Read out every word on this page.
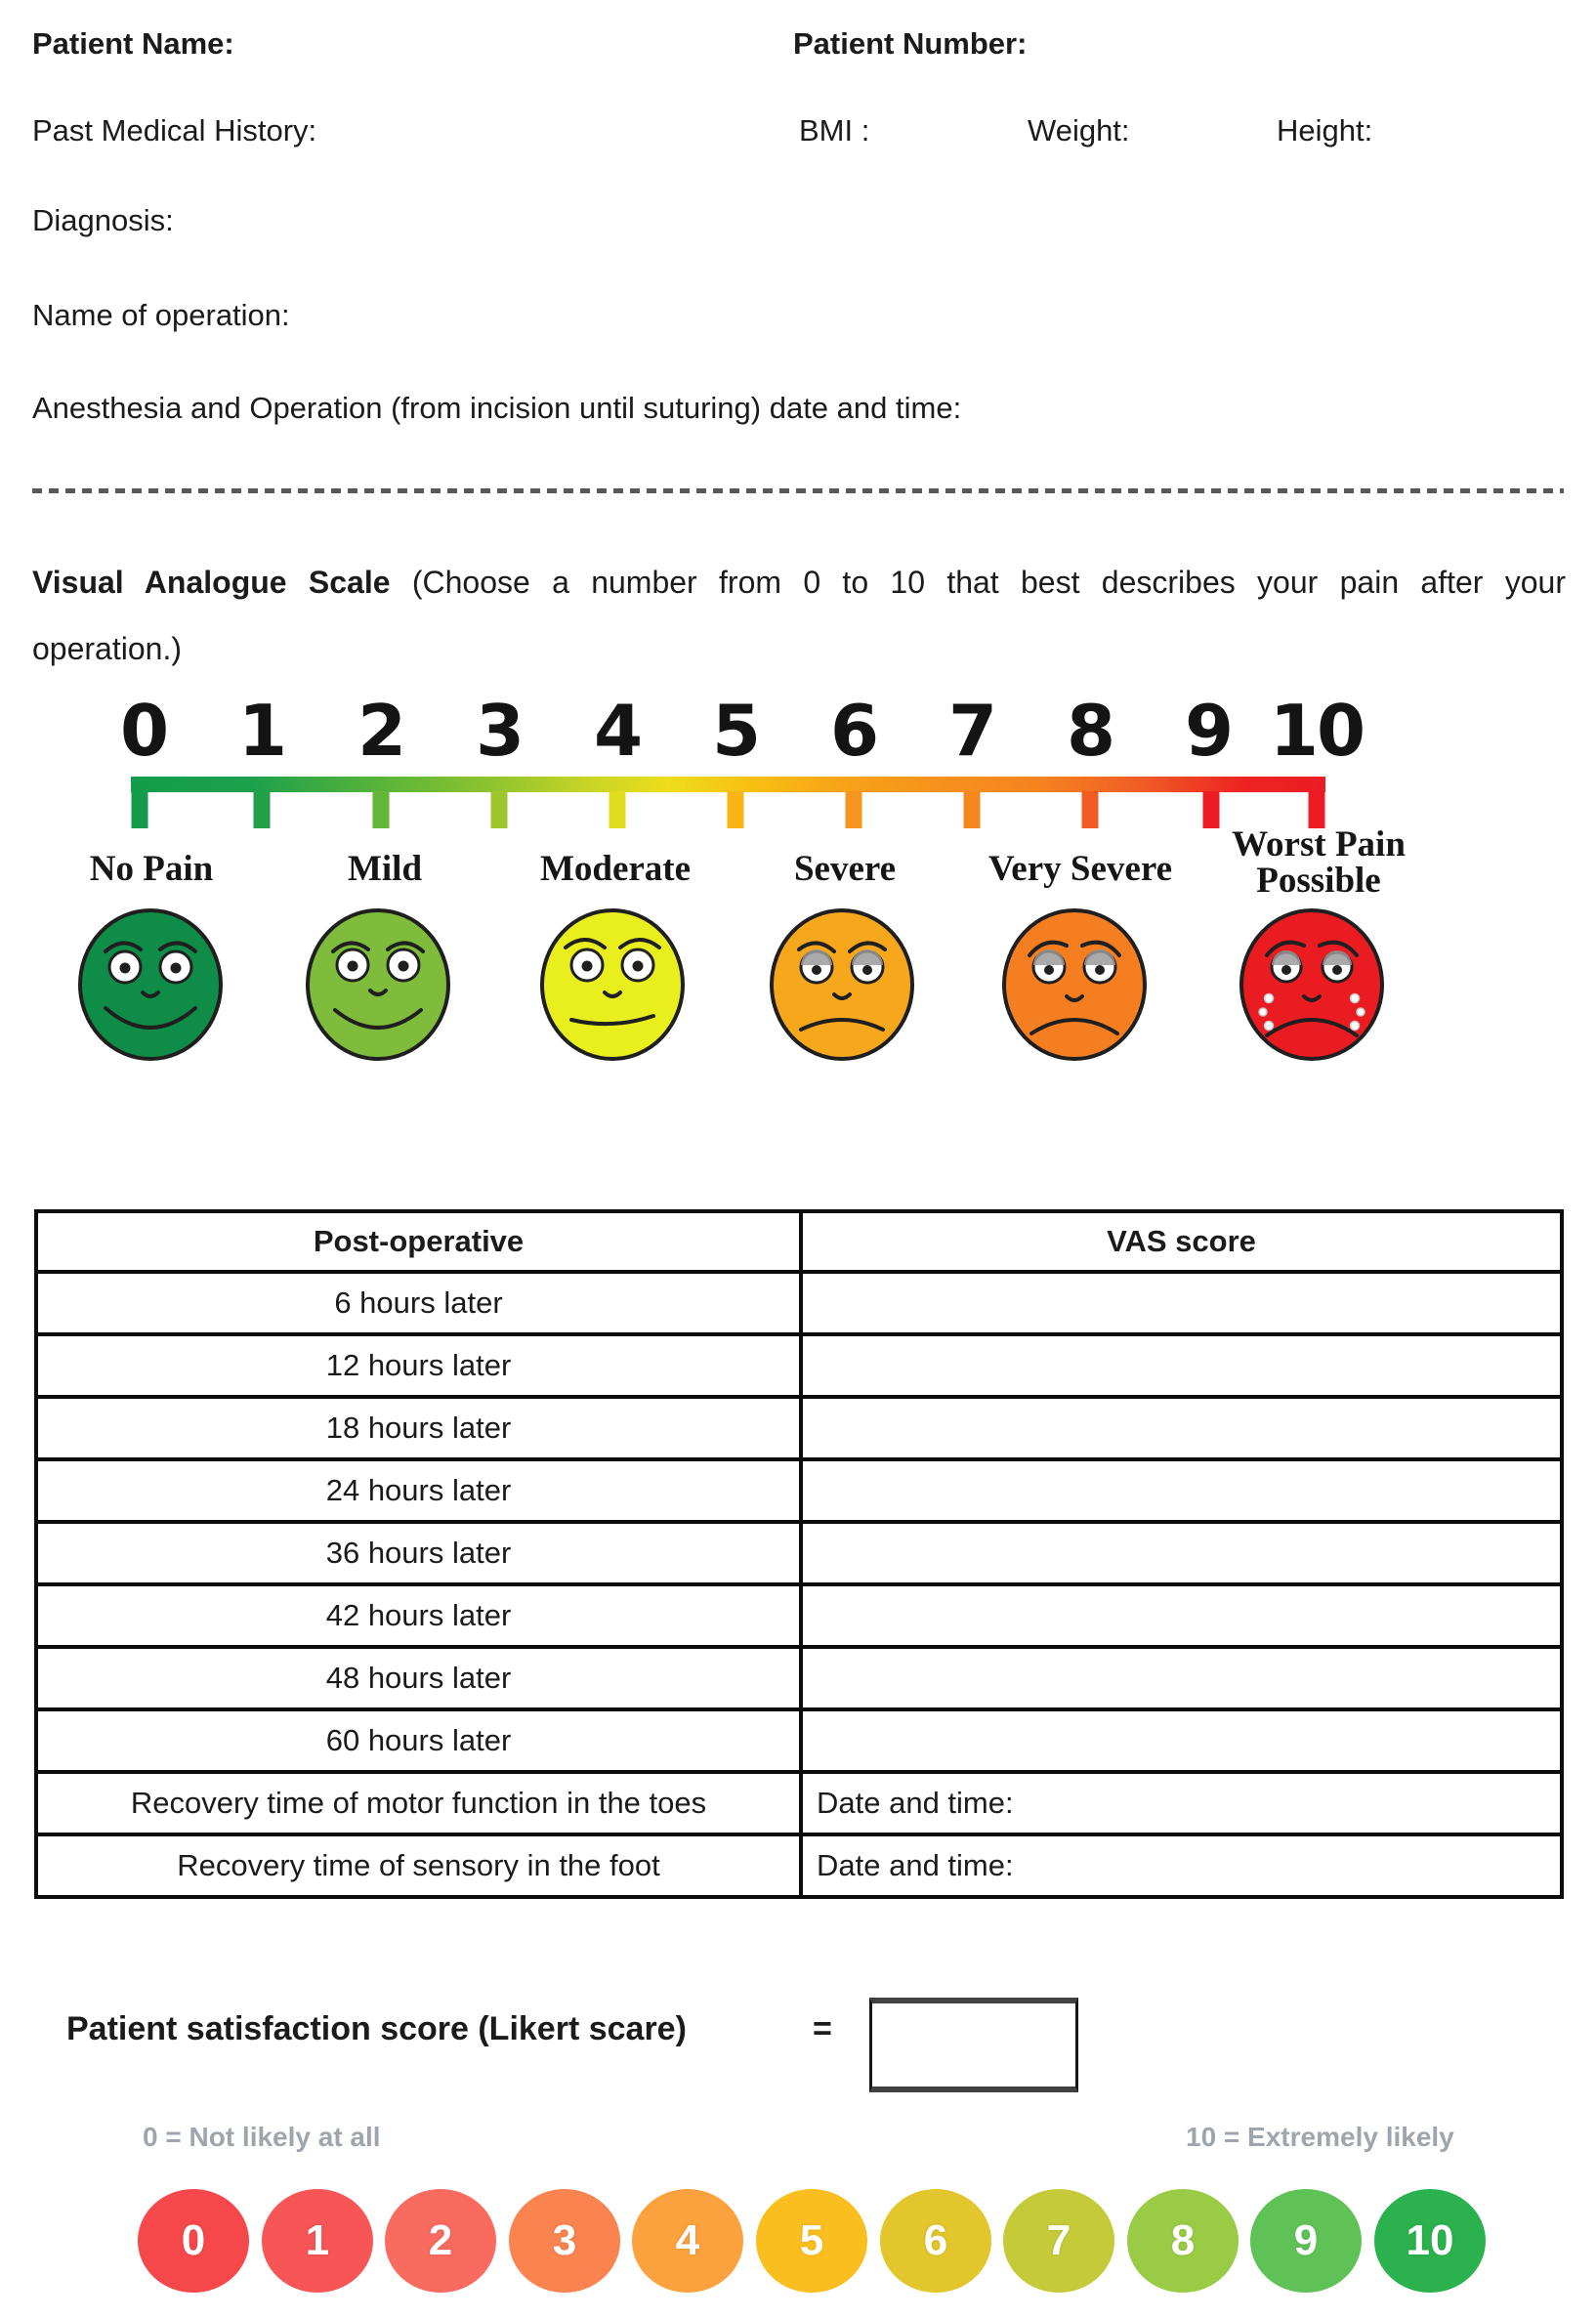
Patient Name:	Patient Number:
Past Medical History:	BMI :	Weight:	Height:
Diagnosis:
Name of operation:
Anesthesia and Operation (from incision until suturing) date and time:
Visual Analogue Scale (Choose a number from 0 to 10 that best describes your pain after your
operation.)
0 1 2 3 4 5 6 7 8 9 10
No Pain	Mild	Moderate	Severe	Very Severe
Worst Pain
Possible
Post-operative	VAS score
6 hours later	
12 hours later	
18 hours later	
24 hours later	
36 hours later	
42 hours later	
48 hours later	
60 hours later	
Recovery time of motor function in the toes	Date and time:
Recovery time of sensory in the foot	Date and time:
Patient satisfaction score (Likert scare)	=
0 = Not likely at all	10 = Extremely likely
0 1 2 3 4 5 6 7 8 9 10
